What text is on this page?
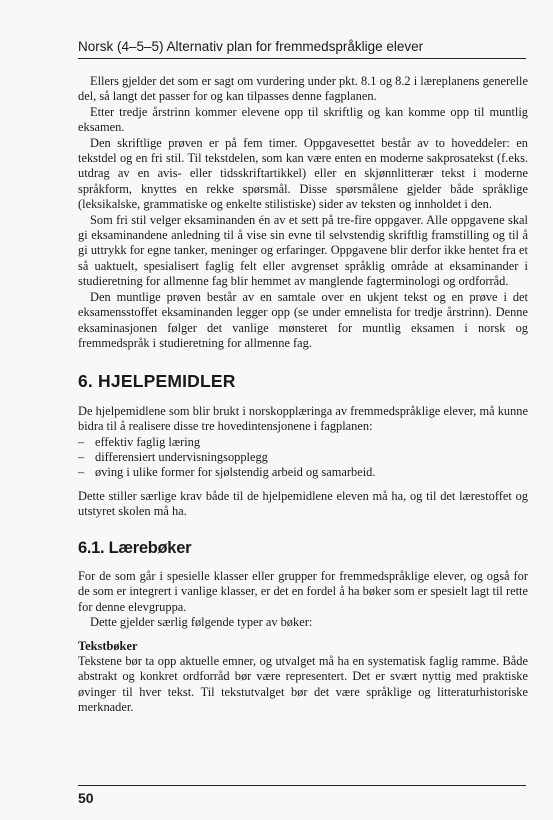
Norsk (4–5–5) Alternativ plan for fremmedspråklige elever

Ellers gjelder det som er sagt om vurdering under pkt. 8.1 og 8.2 i læreplanens generelle del, så langt det passer for og kan tilpasses denne fagplanen.

Etter tredje årstrinn kommer elevene opp til skriftlig og kan komme opp til muntlig eksamen.

Den skriftlige prøven er på fem timer. Oppgavesettet består av to hoveddeler: en tekstdel og en fri stil. Til tekstdelen, som kan være enten en moderne sakprosatekst (f.eks. utdrag av en avis- eller tidsskriftartikkel) eller en skjønnlitterær tekst i moderne språkform, knyttes en rekke spørsmål. Disse spørsmålene gjelder både språklige (leksikalske, grammatiske og enkelte stilistiske) sider av teksten og innholdet i den.

Som fri stil velger eksaminanden én av et sett på tre-fire oppgaver. Alle oppgavene skal gi eksaminandene anledning til å vise sin evne til selvstendig skriftlig framstilling og til å gi uttrykk for egne tanker, meninger og erfaringer. Oppgavene blir derfor ikke hentet fra et så uaktuelt, spesialisert faglig felt eller avgrenset språklig område at eksaminander i studieretning for allmenne fag blir hemmet av manglende fagterminologi og ordforråd.

Den muntlige prøven består av en samtale over en ukjent tekst og en prøve i det eksamensstoffet eksaminanden legger opp (se under emnelista for tredje årstrinn). Denne eksaminasjonen følger det vanlige mønsteret for muntlig eksamen i norsk og fremmedspråk i studieretning for allmenne fag.

6. HJELPEMIDLER

De hjelpemidlene som blir brukt i norskopplæringa av fremmedspråklige elever, må kunne bidra til å realisere disse tre hovedintensjonene i fagplanen:

– effektiv faglig læring
– differensiert undervisningsopplegg
– øving i ulike former for sjølstendig arbeid og samarbeid.

Dette stiller særlige krav både til de hjelpemidlene eleven må ha, og til det lærestoffet og utstyret skolen må ha.

6.1. Lærebøker

For de som går i spesielle klasser eller grupper for fremmedspråklige elever, og også for de som er integrert i vanlige klasser, er det en fordel å ha bøker som er spesielt lagt til rette for denne elevgruppa.

Dette gjelder særlig følgende typer av bøker:

Tekstbøker

Tekstene bør ta opp aktuelle emner, og utvalget må ha en systematisk faglig ramme. Både abstrakt og konkret ordforråd bør være representert. Det er svært nyttig med praktiske øvinger til hver tekst. Til tekstutvalget bør det være språklige og litteraturhistoriske merknader.

50
